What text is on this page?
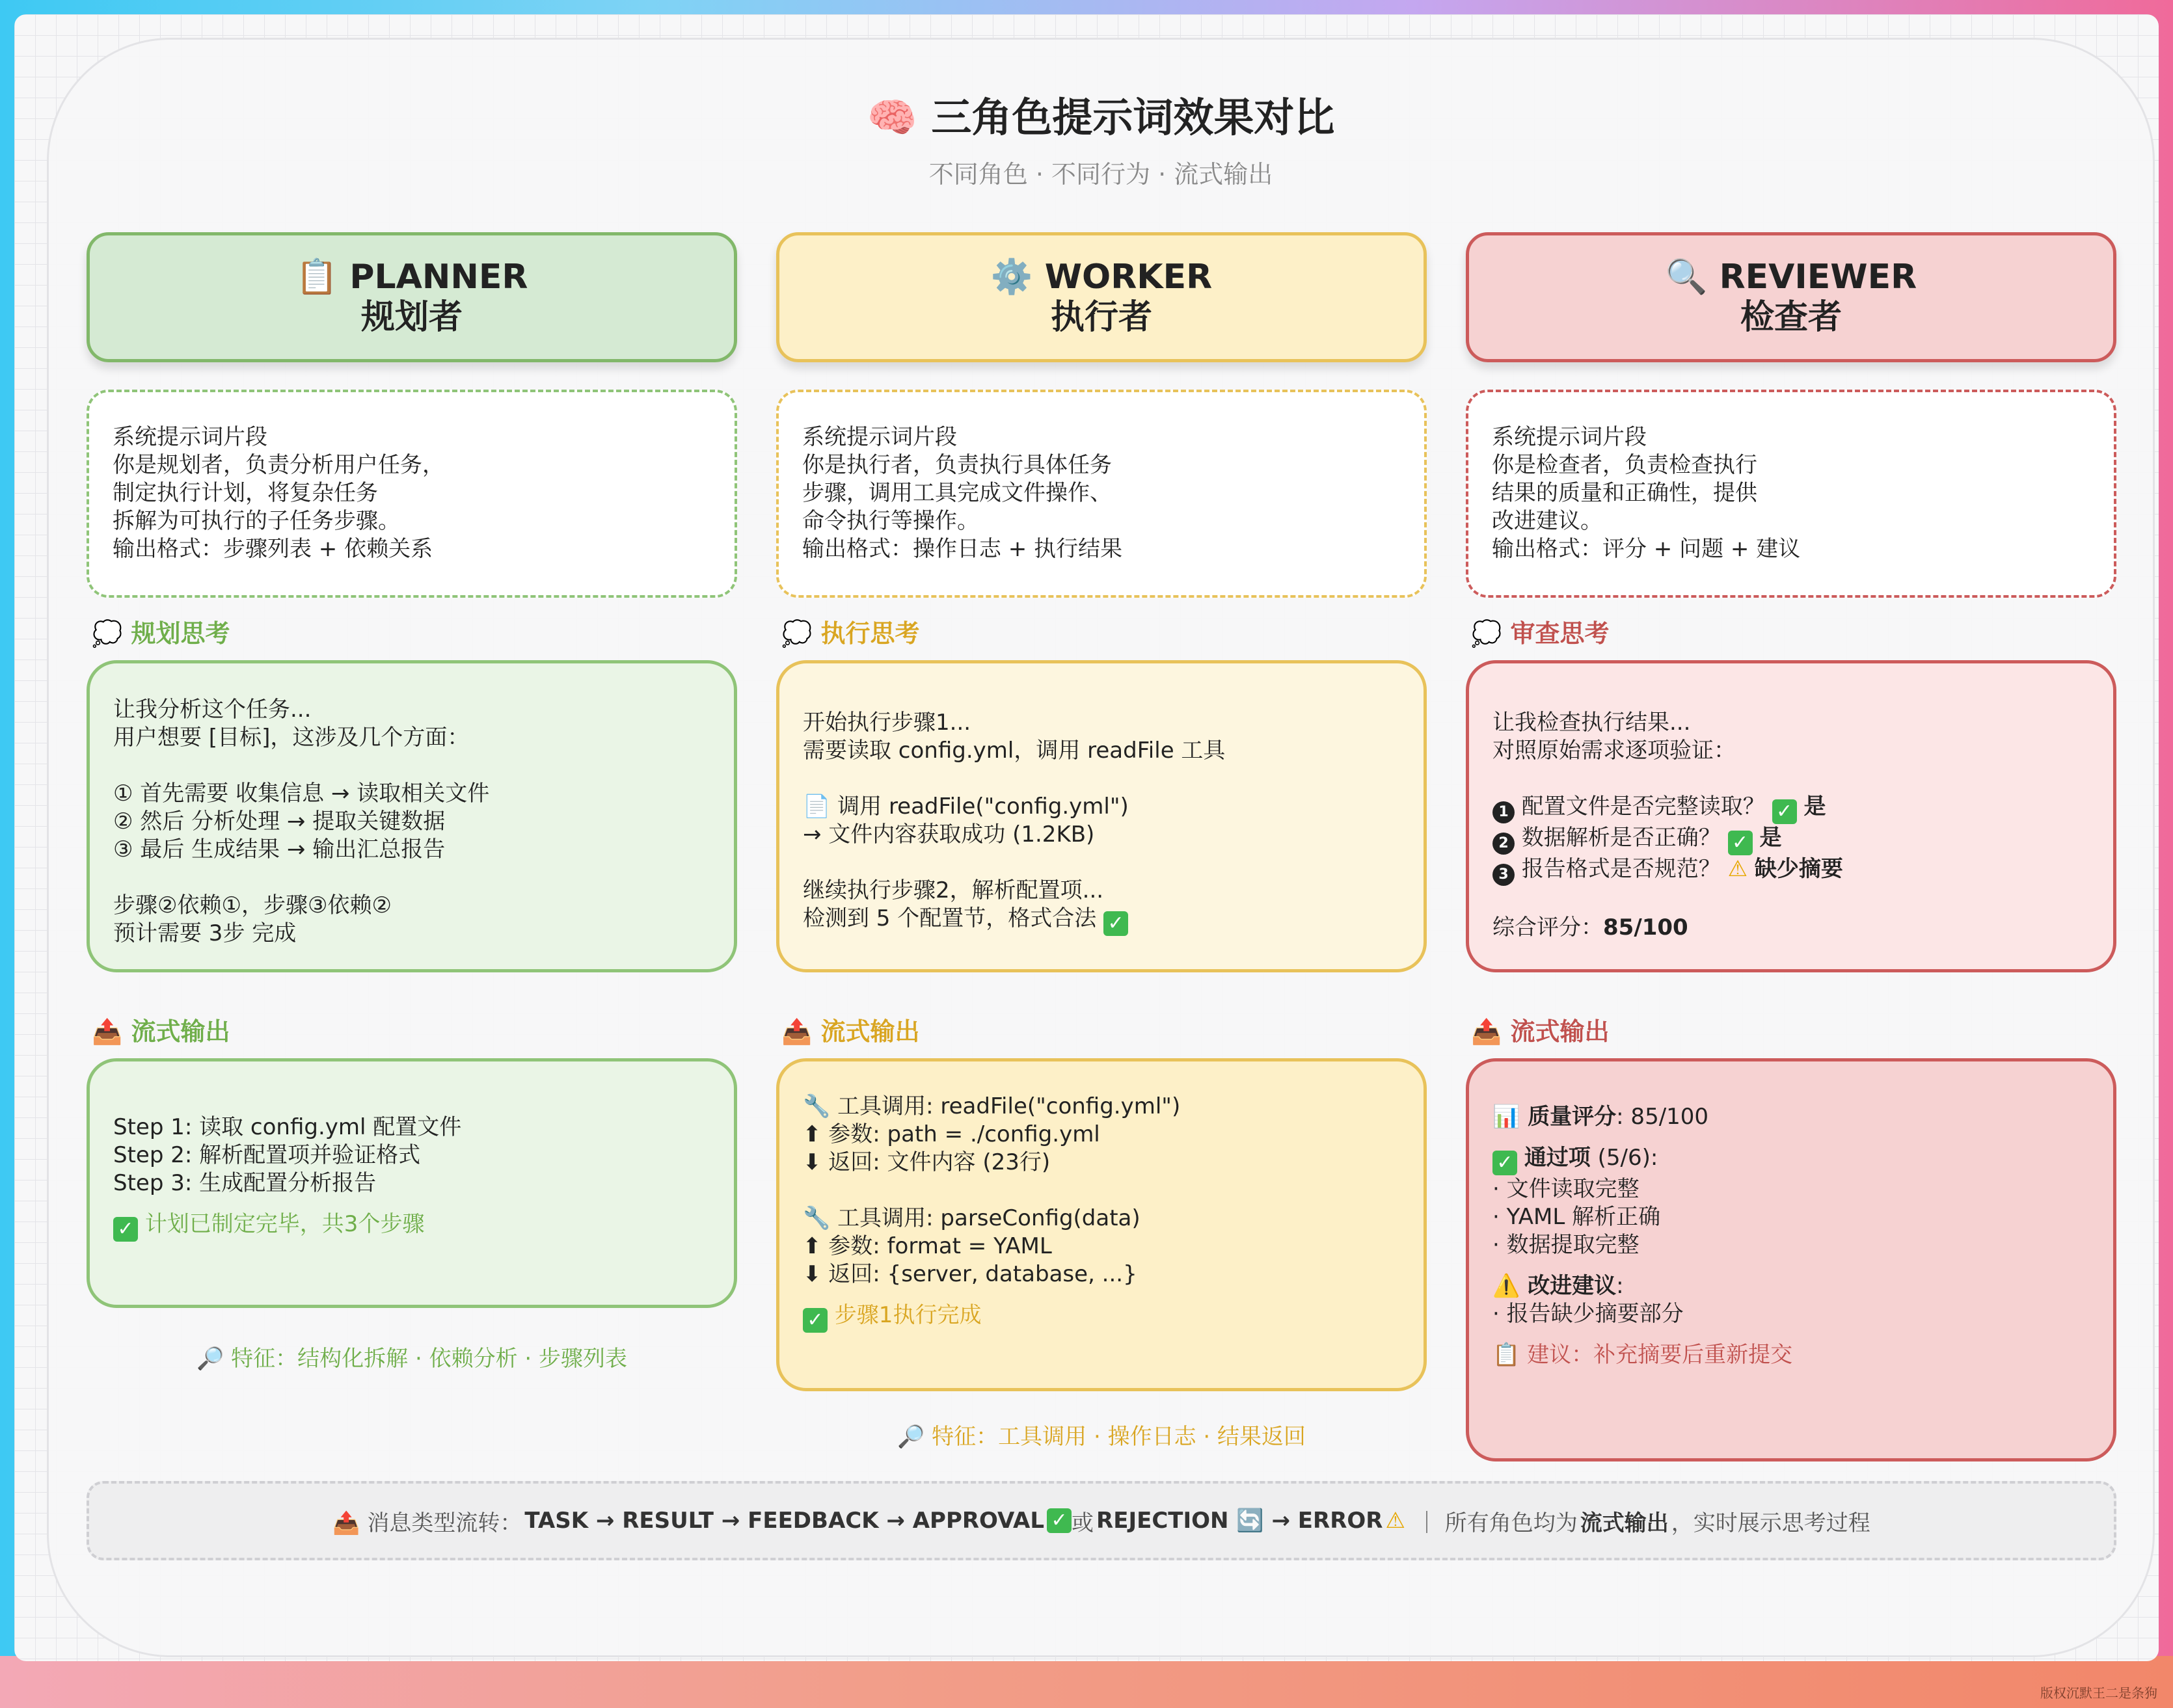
🧠 三角色提示词效果对比
不同角色 · 不同行为 · 流式输出
📋 PLANNER
规划者
系统提示词片段
你是规划者，负责分析用户任务，
制定执行计划，将复杂任务
拆解为可执行的子任务步骤。
输出格式：步骤列表 + 依赖关系
💭 规划思考
让我分析这个任务...
用户想要 [目标]，这涉及几个方面：
① 首先需要 收集信息 → 读取相关文件
② 然后 分析处理 → 提取关键数据
③ 最后 生成结果 → 输出汇总报告
步骤②依赖①，步骤③依赖②
预计需要 3步 完成
📤 流式输出
Step 1: 读取 config.yml 配置文件
Step 2: 解析配置项并验证格式
Step 3: 生成配置分析报告
✓ 计划已制定完毕，共3个步骤
🔎 特征：结构化拆解 · 依赖分析 · 步骤列表
⚙️ WORKER
执行者
系统提示词片段
你是执行者，负责执行具体任务
步骤，调用工具完成文件操作、
命令执行等操作。
输出格式：操作日志 + 执行结果
💭 执行思考
开始执行步骤1...
需要读取 config.yml，调用 readFile 工具
📄 调用 readFile("config.yml")
→ 文件内容获取成功 (1.2KB)
继续执行步骤2，解析配置项...
检测到 5 个配置节，格式合法 ✓
📤 流式输出
🔧 工具调用: readFile("config.yml")
⬆ 参数: path = ./config.yml
⬇ 返回: 文件内容 (23行)
🔧 工具调用: parseConfig(data)
⬆ 参数: format = YAML
⬇ 返回: {server, database, ...}
✓ 步骤1执行完成
🔎 特征：工具调用 · 操作日志 · 结果返回
🔍 REVIEWER
检查者
系统提示词片段
你是检查者，负责检查执行
结果的质量和正确性，提供
改进建议。
输出格式：评分 + 问题 + 建议
💭 审查思考
让我检查执行结果...
对照原始需求逐项验证：
1 配置文件是否完整读取？ ✓ 是
2 数据解析是否正确？ ✓ 是
3 报告格式是否规范？ ⚠ 缺少摘要
综合评分：85/100
📤 流式输出
📊 质量评分: 85/100
✓ 通过项 (5/6):
· 文件读取完整
· YAML 解析正确
· 数据提取完整
⚠️ 改进建议:
· 报告缺少摘要部分
📋 建议：补充摘要后重新提交
📤 消息类型流转： TASK → RESULT → FEEDBACK → APPROVAL ✓ 或 REJECTION 🔄 → ERROR ⚠ ｜ 所有角色均为 流式输出 ，实时展示思考过程
版权沉默王二是条狗
